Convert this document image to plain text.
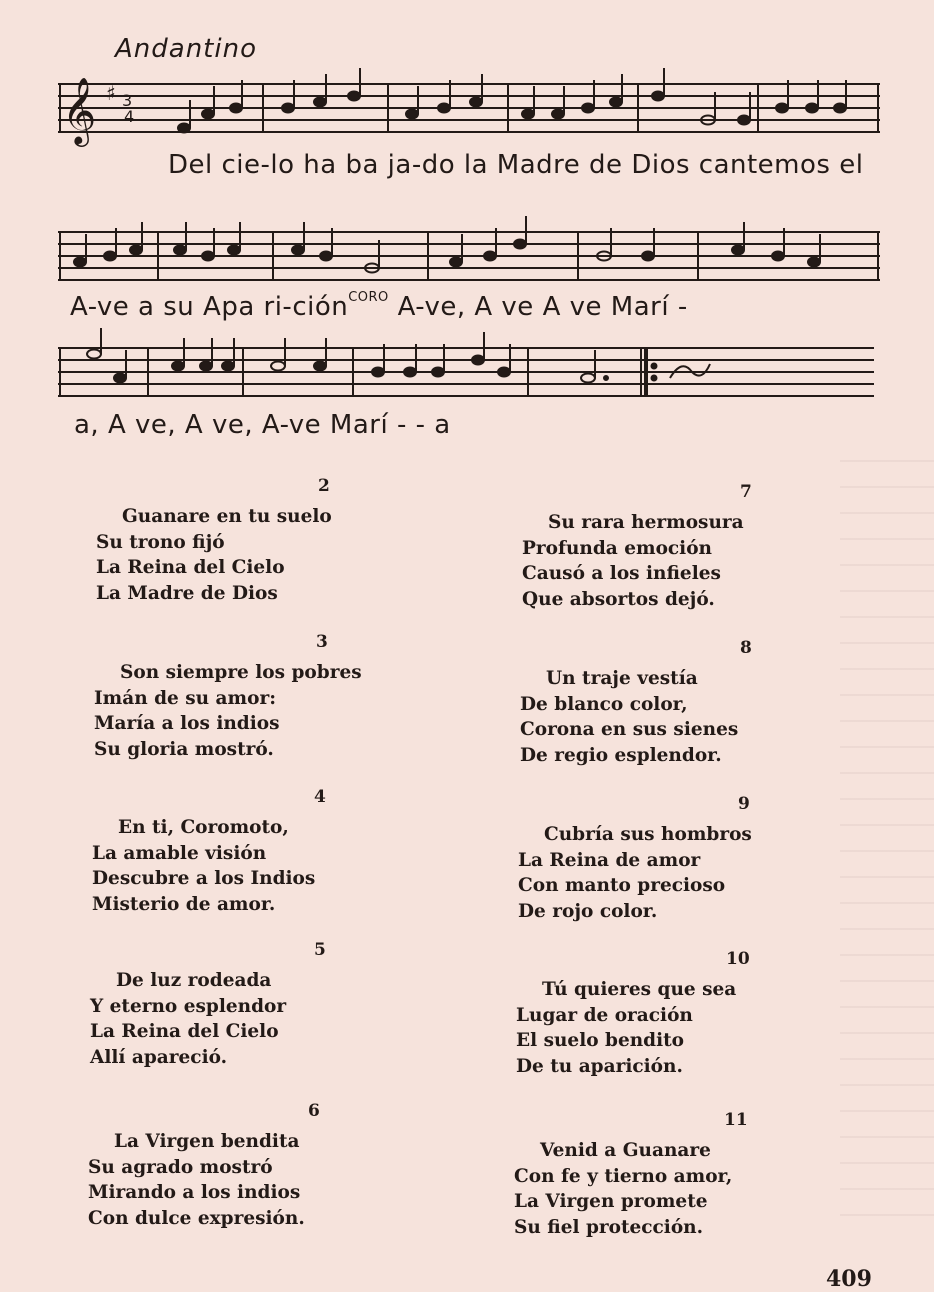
Andantino
𝄞 ♯ 3
4
Del cie-lo ha ba ja-do la Madre de Dios cantemos el
A-ve a su Apa ri-ción$^{CORO}$ A-ve, A ve A ve Marí -
a, A ve, A ve, A-ve Marí - - a
2
Guanare en tu suelo
Su trono fijó
La Reina del Cielo
La Madre de Dios
3
Son siempre los pobres
Imán de su amor:
María a los indios
Su gloria mostró.
4
En ti, Coromoto,
La amable visión
Descubre a los Indios
Misterio de amor.
5
De luz rodeada
Y eterno esplendor
La Reina del Cielo
Allí apareció.
6
La Virgen bendita
Su agrado mostró
Mirando a los indios
Con dulce expresión.
7
Su rara hermosura
Profunda emoción
Causó a los infieles
Que absortos dejó.
8
Un traje vestía
De blanco color,
Corona en sus sienes
De regio esplendor.
9
Cubría sus hombros
La Reina de amor
Con manto precioso
De rojo color.
10
Tú quieres que sea
Lugar de oración
El suelo bendito
De tu aparición.
11
Venid a Guanare
Con fe y tierno amor,
La Virgen promete
Su fiel protección.
409
